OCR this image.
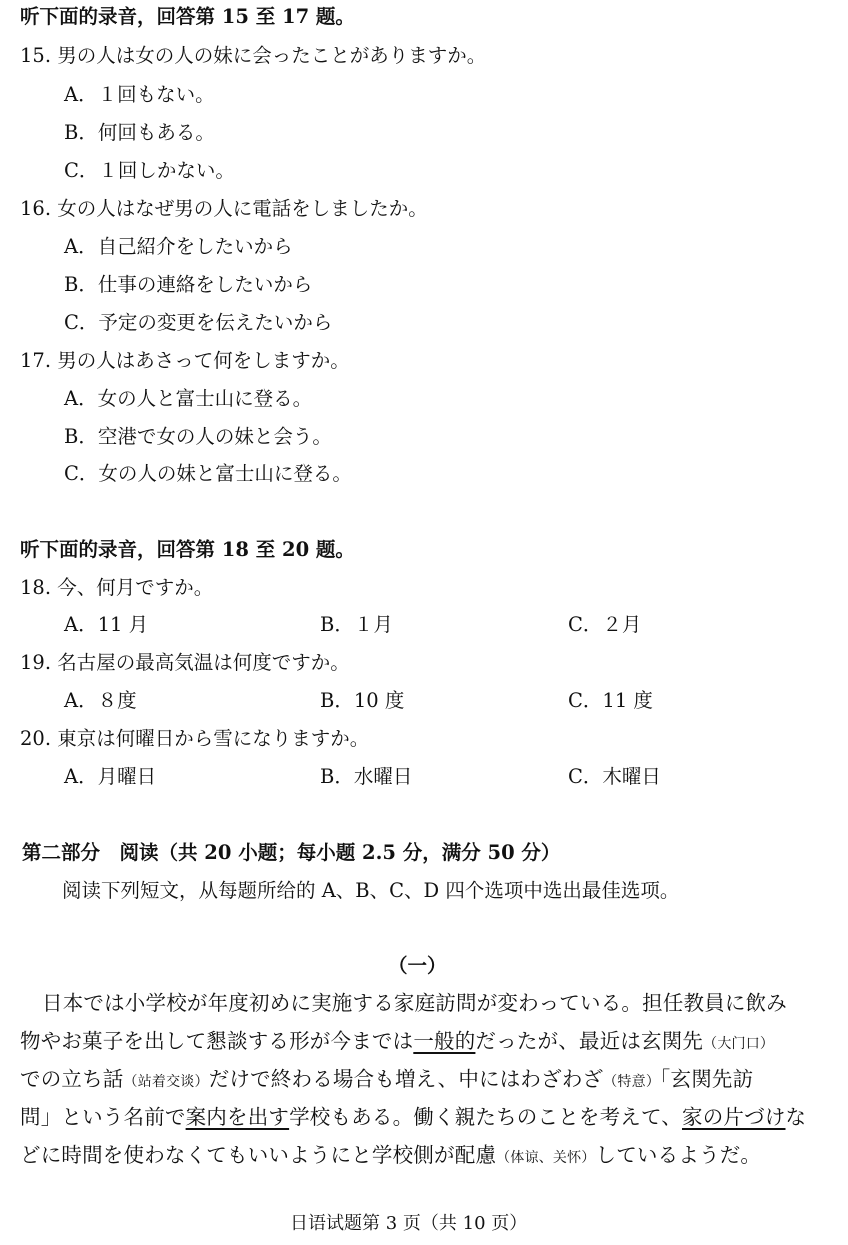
听下面的录音，回答第 15 至 17 题。
15. 男の人は女の人の妹に会ったことがありますか。
A．１回もない。
B．何回もある。
C．１回しかない。
16. 女の人はなぜ男の人に電話をしましたか。
A．自己紹介をしたいから
B．仕事の連絡をしたいから
C．予定の変更を伝えたいから
17. 男の人はあさって何をしますか。
A．女の人と富士山に登る。
B．空港で女の人の妹と会う。
C．女の人の妹と富士山に登る。
听下面的录音，回答第 18 至 20 题。
18. 今、何月ですか。
A．11 月	B．１月	C．２月
19. 名古屋の最高気温は何度ですか。
A．８度	B．10 度	C．11 度
20. 東京は何曜日から雪になりますか。
A．月曜日	B．水曜日	C．木曜日
第二部分　阅读（共 20 小题；每小题 2.5 分，满分 50 分）
阅读下列短文，从每题所给的 A、B、C、D 四个选项中选出最佳选项。
（一）
日本では小学校が年度初めに実施する家庭訪問が変わっている。担任教員に飲み
物やお菓子を出して懇談する形が今までは一般的だったが、最近は玄関先（大门口）
での立ち話（站着交谈）だけで終わる場合も増え、中にはわざわざ（特意）「玄関先訪
問」という名前で案内を出す学校もある。働く親たちのことを考えて、家の片づけな
どに時間を使わなくてもいいようにと学校側が配慮（体谅、关怀）しているようだ。
日语试题第 3 页（共 10 页）
